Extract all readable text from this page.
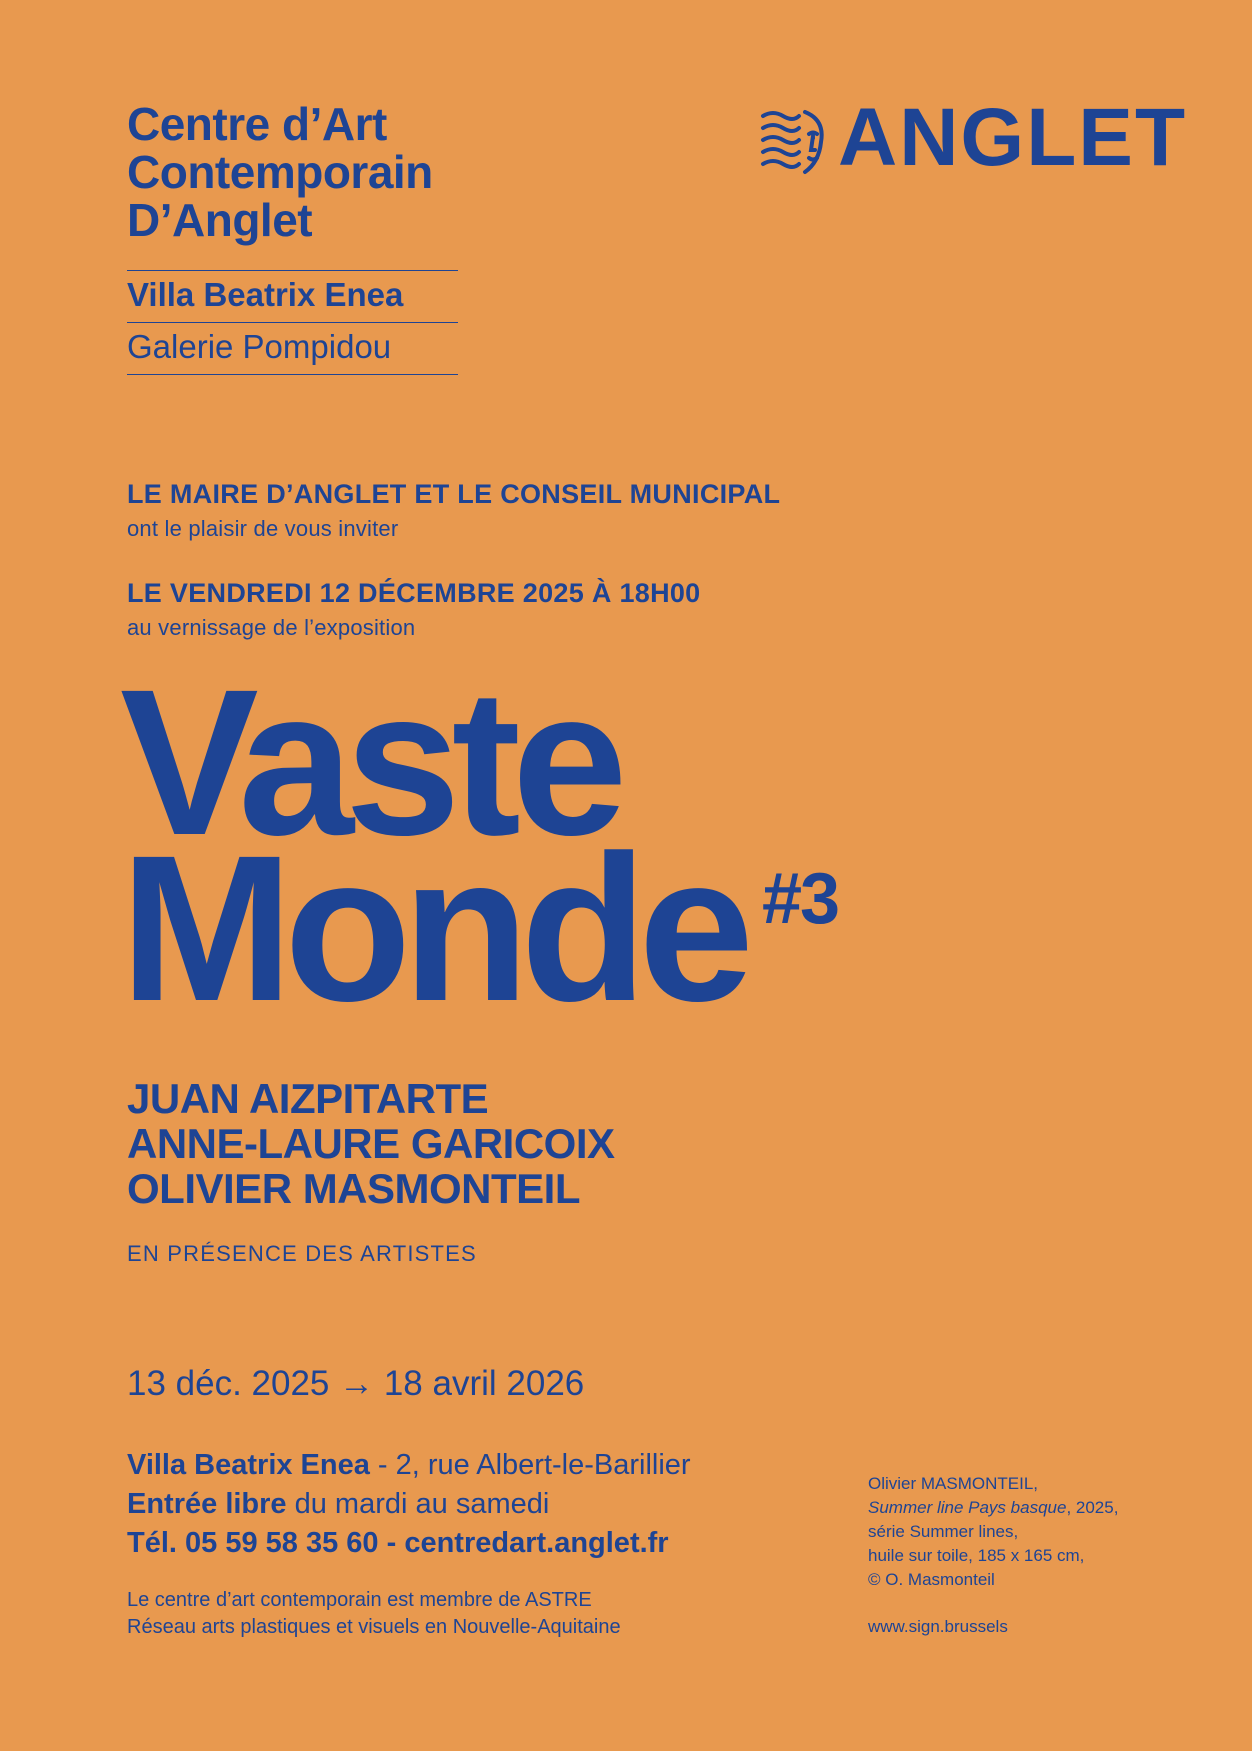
Centre d’Art
Contemporain
D’Anglet
Villa Beatrix Enea
Galerie Pompidou
ANGLET
LE MAIRE D’ANGLET ET LE CONSEIL MUNICIPAL
ont le plaisir de vous inviter
LE VENDREDI 12 DÉCEMBRE 2025 À 18H00
au vernissage de l’exposition
Vaste
Monde #3
JUAN AIZPITARTE
ANNE-LAURE GARICOIX
OLIVIER MASMONTEIL
EN PRÉSENCE DES ARTISTES
13 déc. 2025 → 18 avril 2026
Villa Beatrix Enea - 2, rue Albert-le-Barillier
Entrée libre du mardi au samedi
Tél. 05 59 58 35 60 - centredart.anglet.fr
Le centre d’art contemporain est membre de ASTRE
Réseau arts plastiques et visuels en Nouvelle-Aquitaine
Olivier MASMONTEIL,
Summer line Pays basque, 2025,
série Summer lines,
huile sur toile, 185 x 165 cm,
© O. Masmonteil
www.sign.brussels
